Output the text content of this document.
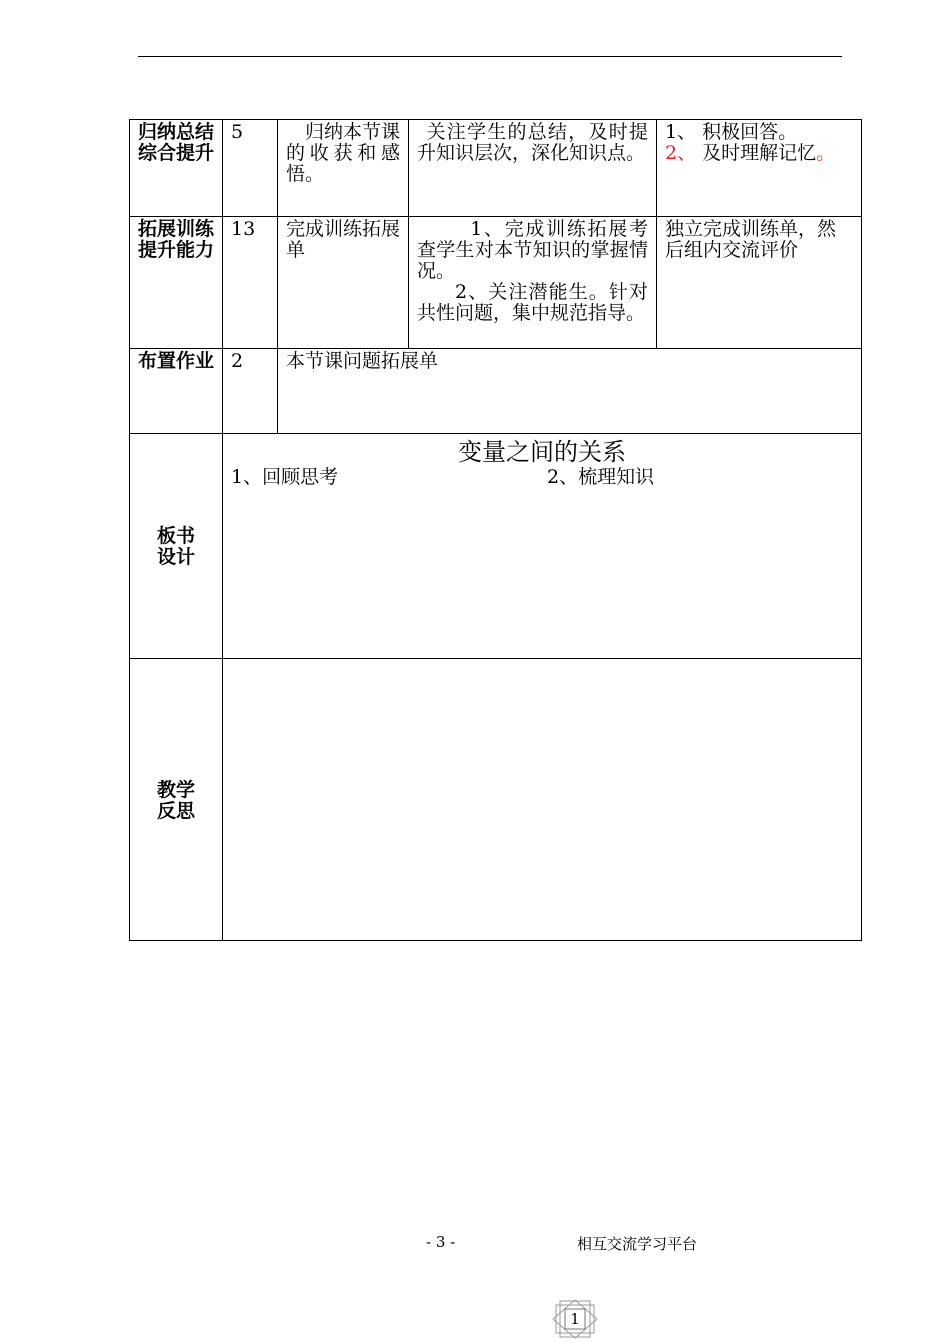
归纳总结综合提升	5	归纳本节课的收获和感悟。	关注学生的总结，及时提升知识层次，深化知识点。	1、 积极回答。
2、 及时理解记忆。

拓展训练提升能力	13	完成训练拓展单	1、完成训练拓展考查学生对本节知识的掌握情况。
2、关注潜能生。针对共性问题，集中规范指导。	独立完成训练单，然后组内交流评价
布置作业	2	本节课问题拓展单		

板书设计	变量之间的关系
1、回顾思考 2、梳理知识			

教学反思				

- 3 -	相互交流学习平台
1
